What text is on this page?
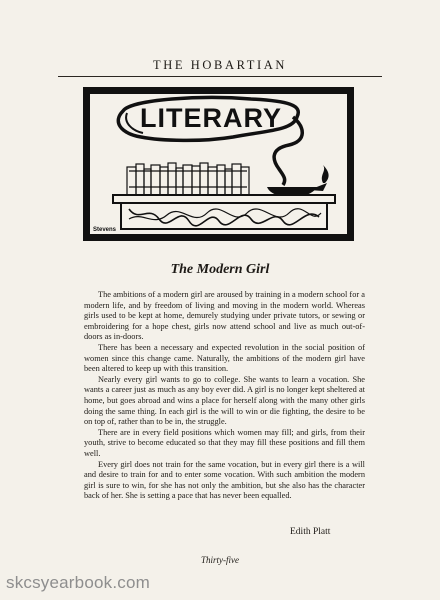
THE HOBARTIAN
LITERARY
Stevens
The Modern Girl

The ambitions of a modern girl are aroused by training in a modern school for a modern life, and by freedom of living and moving in the modern world. Whereas girls used to be kept at home, demurely studying under private tutors, or sewing or embroidering for a hope chest, girls now attend school and live as much out-of-doors as in-doors.

There has been a necessary and expected revolution in the social position of women since this change came. Naturally, the ambitions of the modern girl have been altered to keep up with this transition.

Nearly every girl wants to go to college. She wants to learn a vocation. She wants a career just as much as any boy ever did. A girl is no longer kept sheltered at home, but goes abroad and wins a place for herself along with the many other girls doing the same thing. In each girl is the will to win or die fighting, the desire to be on top of, rather than to be in, the struggle.

There are in every field positions which women may fill; and girls, from their youth, strive to become educated so that they may fill these positions and fill them well.

Every girl does not train for the same vocation, but in every girl there is a will and desire to train for and to enter some vocation. With such ambition the modern girl is sure to win, for she has not only the ambition, but she also has the character back of her. She is setting a pace that has never been equalled.

Edith Platt
Thirty-five
skcsyearbook.com
